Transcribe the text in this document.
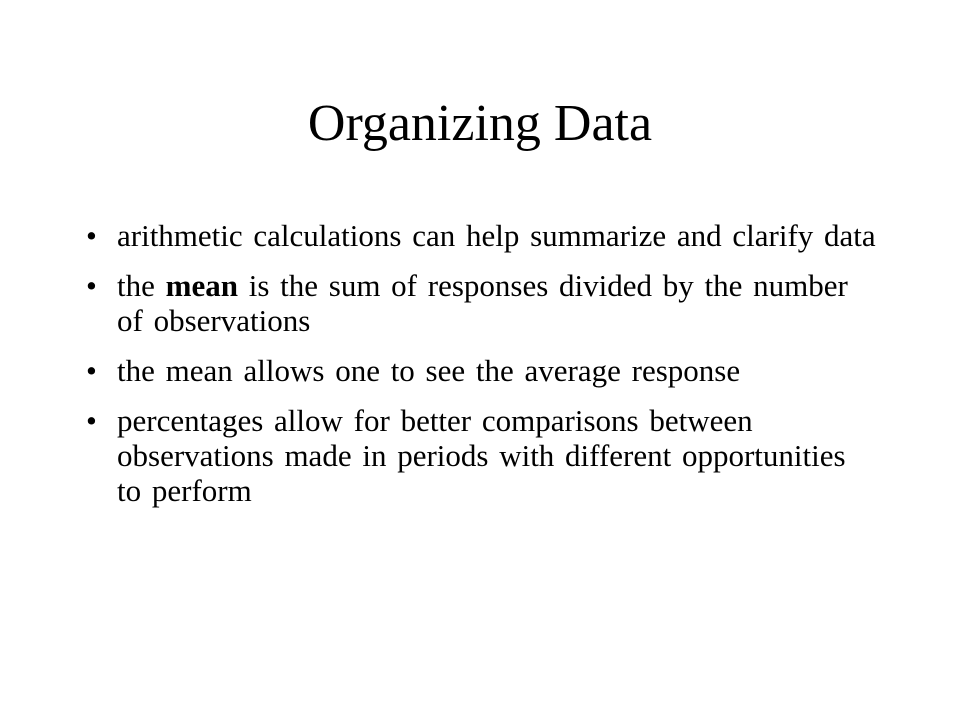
Organizing Data
• arithmetic calculations can help summarize and clarify data
• the mean is the sum of responses divided by the number of observations
• the mean allows one to see the average response
• percentages allow for better comparisons between observations made in periods with different opportunities to perform
